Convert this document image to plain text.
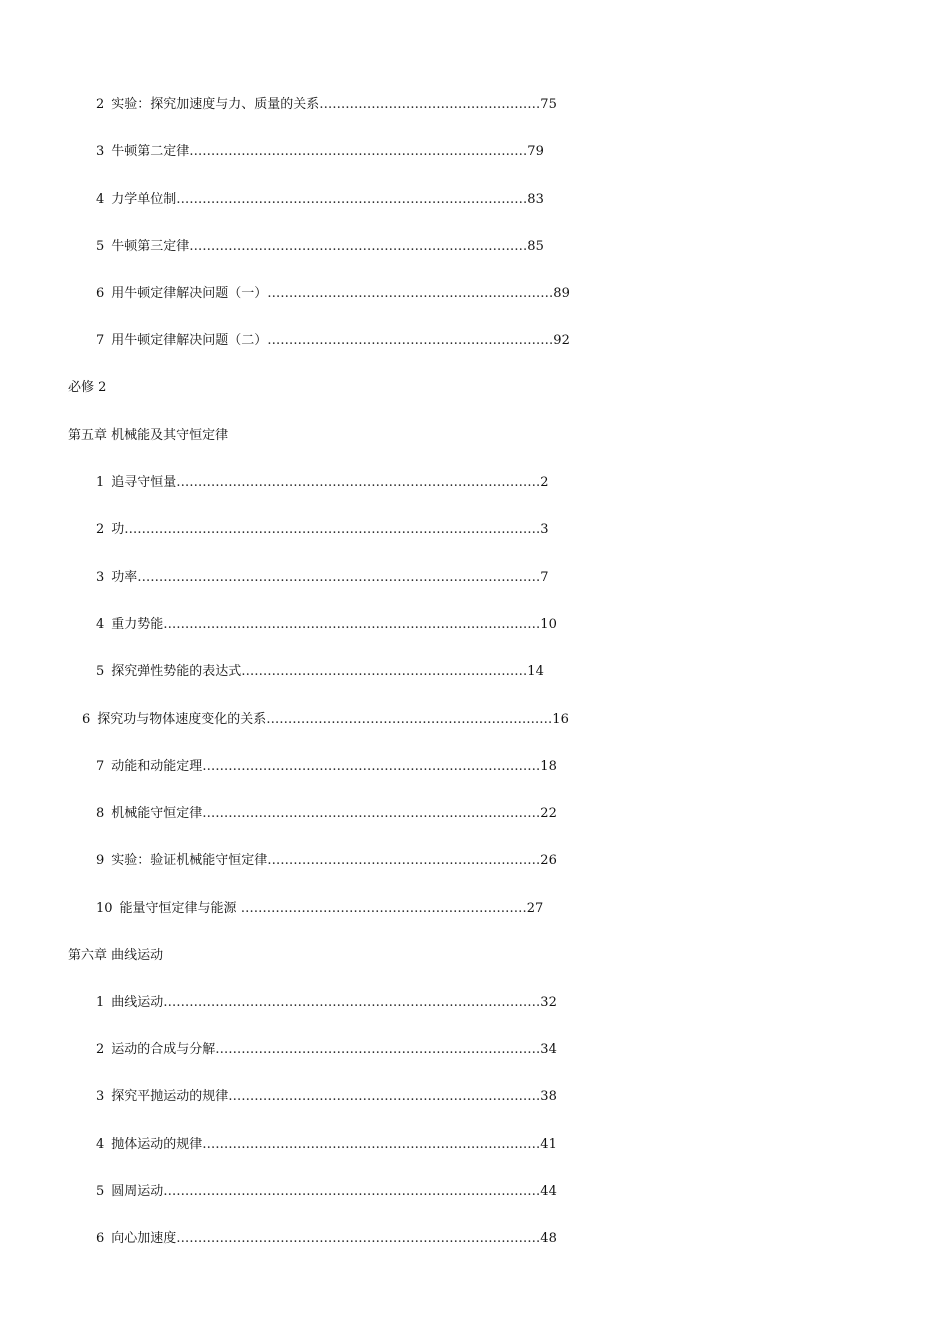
2 实验：探究加速度与力、质量的关系……………………………………………75
3 牛顿第二定律……………………………………………………………………79
4 力学单位制………………………………………………………………………83
5 牛顿第三定律……………………………………………………………………85
6 用牛顿定律解决问题（一）…………………………………………………………89
7 用牛顿定律解决问题（二）…………………………………………………………92
必修 2
第五章 机械能及其守恒定律
1 追寻守恒量…………………………………………………………………………2
2 功……………………………………………………………………………………3
3 功率…………………………………………………………………………………7
4 重力势能……………………………………………………………………………10
5 探究弹性势能的表达式…………………………………………………………14
6 探究功与物体速度变化的关系…………………………………………………………16
7 动能和动能定理……………………………………………………………………18
8 机械能守恒定律……………………………………………………………………22
9 实验：验证机械能守恒定律………………………………………………………26
10 能量守恒定律与能源 …………………………………………………………27
第六章 曲线运动
1 曲线运动……………………………………………………………………………32
2 运动的合成与分解…………………………………………………………………34
3 探究平抛运动的规律………………………………………………………………38
4 抛体运动的规律……………………………………………………………………41
5 圆周运动……………………………………………………………………………44
6 向心加速度…………………………………………………………………………48
